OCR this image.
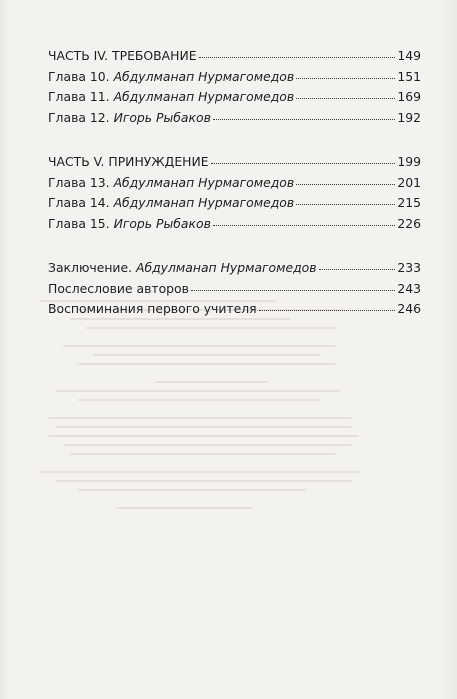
ЧАСТЬ IV. ТРЕБОВАНИЕ	149
Глава 10. Абдулманап Нурмагомедов	151
Глава 11. Абдулманап Нурмагомедов	169
Глава 12. Игорь Рыбаков	192
ЧАСТЬ V. ПРИНУЖДЕНИЕ	199
Глава 13. Абдулманап Нурмагомедов	201
Глава 14. Абдулманап Нурмагомедов	215
Глава 15. Игорь Рыбаков	226
Заключение. Абдулманап Нурмагомедов	233
Послесловие авторов	243
Воспоминания первого учителя	246
